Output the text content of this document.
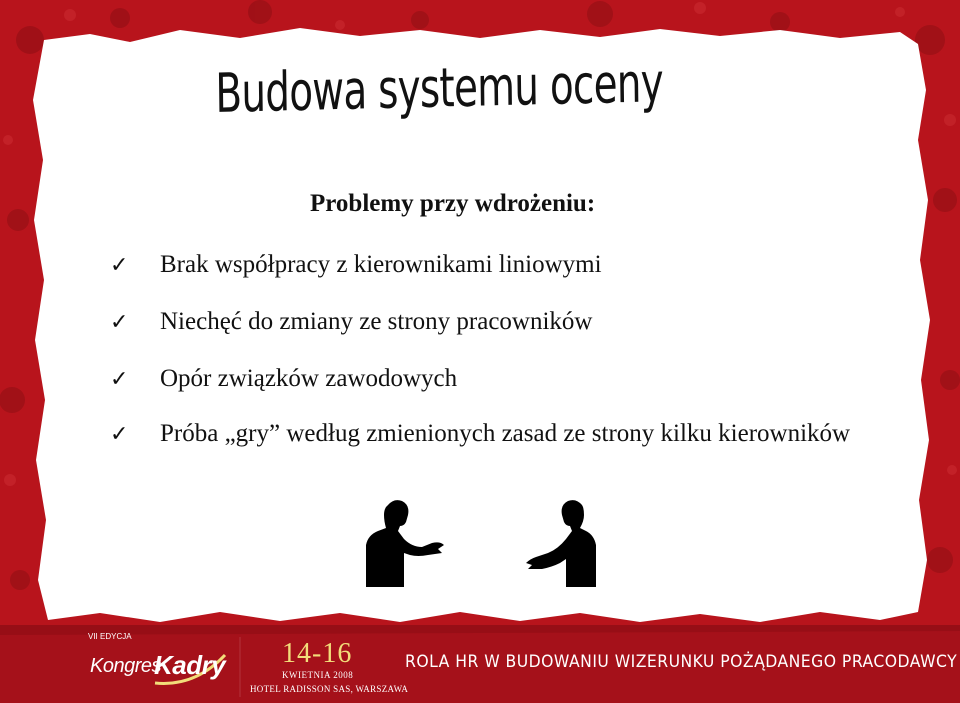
Budowa systemu oceny
Problemy przy wdrożeniu:
✓ Brak współpracy z kierownikami liniowymi
✓ Niechęć do zmiany ze strony pracowników
✓ Opór związków zawodowych
✓ Próba „gry” według zmienionych zasad ze strony kilku kierowników
VII EDYCJA
Kongres
Kadry 14-16
KWIETNIA 2008
HOTEL RADISSON SAS, WARSZAWA
ROLA HR W BUDOWANIU WIZERUNKU POŻĄDANEGO PRACODAWCY
